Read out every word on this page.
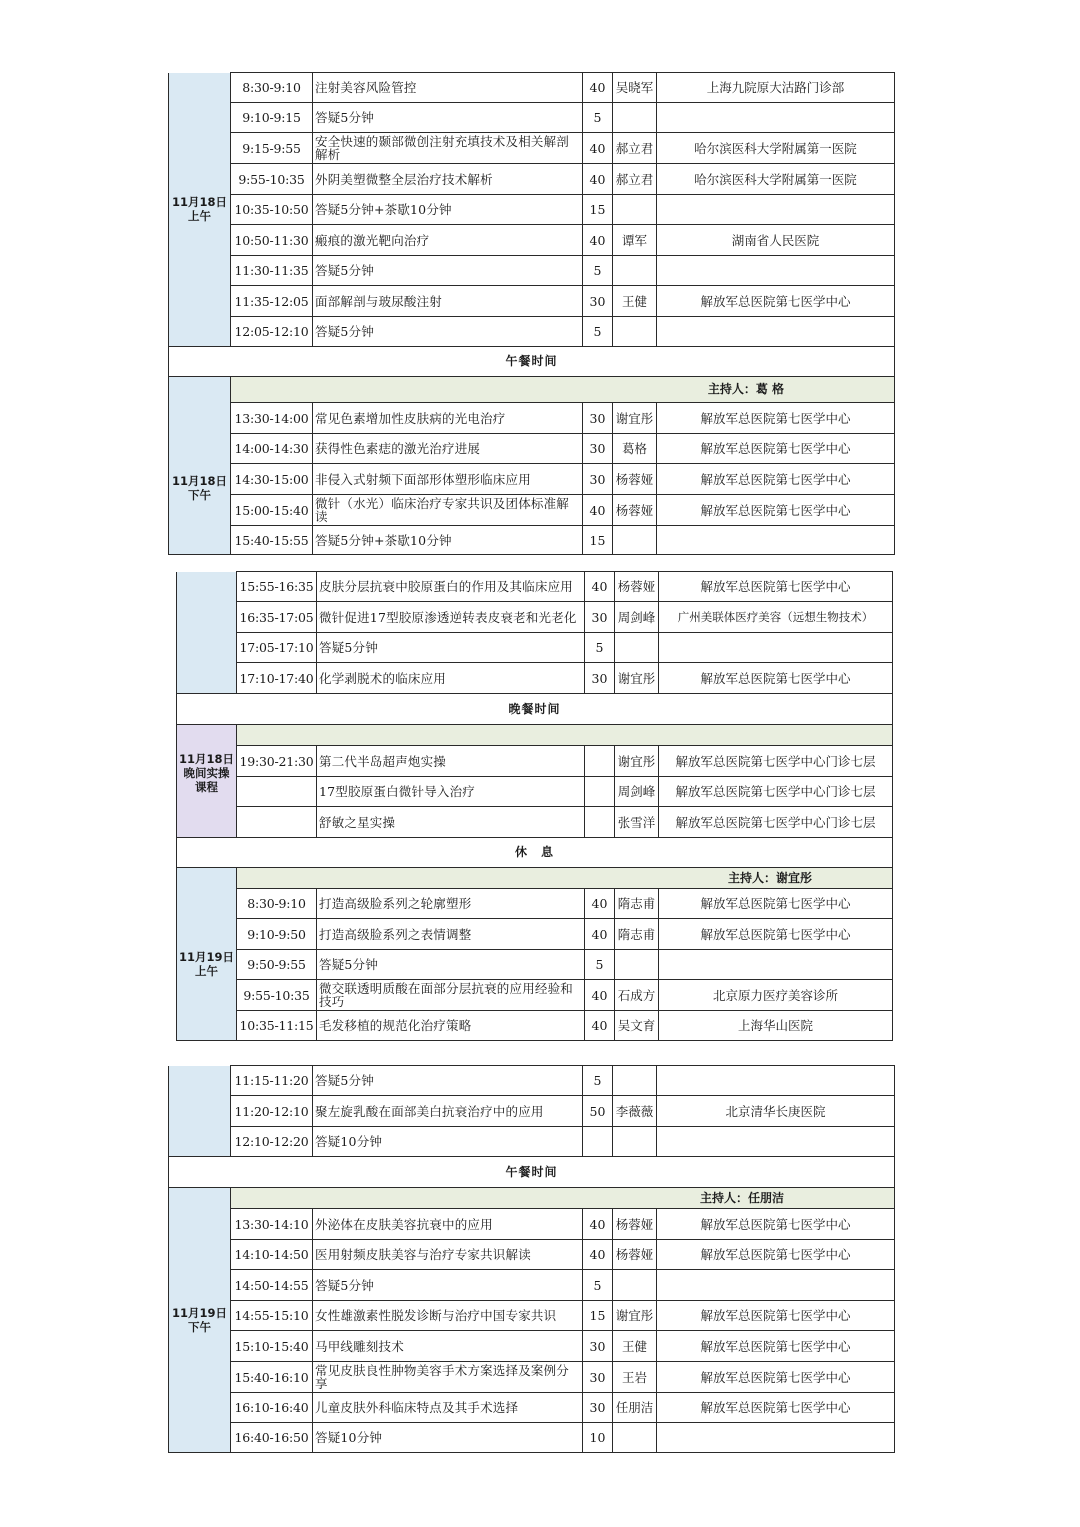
11月18日
上午	8:30-9:10	注射美容风险管控	40	吴晓军	上海九院原大沽路门诊部
	9:10-9:15	答疑5分钟	5		
	9:15-9:55	安全快速的颞部微创注射充填技术及相关解剖解析	40	郝立君	哈尔滨医科大学附属第一医院
	9:55-10:35	外阴美塑微整全层治疗技术解析	40	郝立君	哈尔滨医科大学附属第一医院
	10:35-10:50	答疑5分钟+茶歇10分钟	15		
	10:50-11:30	瘢痕的激光靶向治疗	40	谭军	湖南省人民医院
	11:30-11:35	答疑5分钟	5		
	11:35-12:05	面部解剖与玻尿酸注射	30	王健	解放军总医院第七医学中心
	12:05-12:10	答疑5分钟	5		
午餐时间					
11月18日
下午	主持人：葛 格				
	13:30-14:00	常见色素增加性皮肤病的光电治疗	30	谢宜彤	解放军总医院第七医学中心
	14:00-14:30	获得性色素痣的激光治疗进展	30	葛格	解放军总医院第七医学中心
	14:30-15:00	非侵入式射频下面部形体塑形临床应用	30	杨蓉娅	解放军总医院第七医学中心
	15:00-15:40	微针（水光）临床治疗专家共识及团体标准解读	40	杨蓉娅	解放军总医院第七医学中心
	15:40-15:55	答疑5分钟+茶歇10分钟	15		
	15:55-16:35	皮肤分层抗衰中胶原蛋白的作用及其临床应用	40	杨蓉娅	解放军总医院第七医学中心
	16:35-17:05	微针促进17型胶原渗透逆转表皮衰老和光老化	30	周剑峰	广州美联体医疗美容（远想生物技术）
	17:05-17:10	答疑5分钟	5		
	17:10-17:40	化学剥脱术的临床应用	30	谢宜彤	解放军总医院第七医学中心
晚餐时间					
11月18日
晚间实操
课程					
	19:30-21:30	第二代半岛超声炮实操		谢宜彤	解放军总医院第七医学中心门诊七层
		17型胶原蛋白微针导入治疗		周剑峰	解放军总医院第七医学中心门诊七层
		舒敏之星实操		张雪洋	解放军总医院第七医学中心门诊七层
休　息					
11月19日
上午	主持人：谢宜彤				
	8:30-9:10	打造高级脸系列之轮廓塑形	40	隋志甫	解放军总医院第七医学中心
	9:10-9:50	打造高级脸系列之表情调整	40	隋志甫	解放军总医院第七医学中心
	9:50-9:55	答疑5分钟	5		
	9:55-10:35	微交联透明质酸在面部分层抗衰的应用经验和技巧	40	石成方	北京原力医疗美容诊所
	10:35-11:15	毛发移植的规范化治疗策略	40	吴文育	上海华山医院
	11:15-11:20	答疑5分钟	5		
	11:20-12:10	聚左旋乳酸在面部美白抗衰治疗中的应用	50	李薇薇	北京清华长庚医院
	12:10-12:20	答疑10分钟			
午餐时间					
11月19日
下午	主持人：任朋洁				
	13:30-14:10	外泌体在皮肤美容抗衰中的应用	40	杨蓉娅	解放军总医院第七医学中心
	14:10-14:50	医用射频皮肤美容与治疗专家共识解读	40	杨蓉娅	解放军总医院第七医学中心
	14:50-14:55	答疑5分钟	5		
	14:55-15:10	女性雄激素性脱发诊断与治疗中国专家共识	15	谢宜彤	解放军总医院第七医学中心
	15:10-15:40	马甲线雕刻技术	30	王健	解放军总医院第七医学中心
	15:40-16:10	常见皮肤良性肿物美容手术方案选择及案例分享	30	王岩	解放军总医院第七医学中心
	16:10-16:40	儿童皮肤外科临床特点及其手术选择	30	任朋洁	解放军总医院第七医学中心
	16:40-16:50	答疑10分钟	10		
